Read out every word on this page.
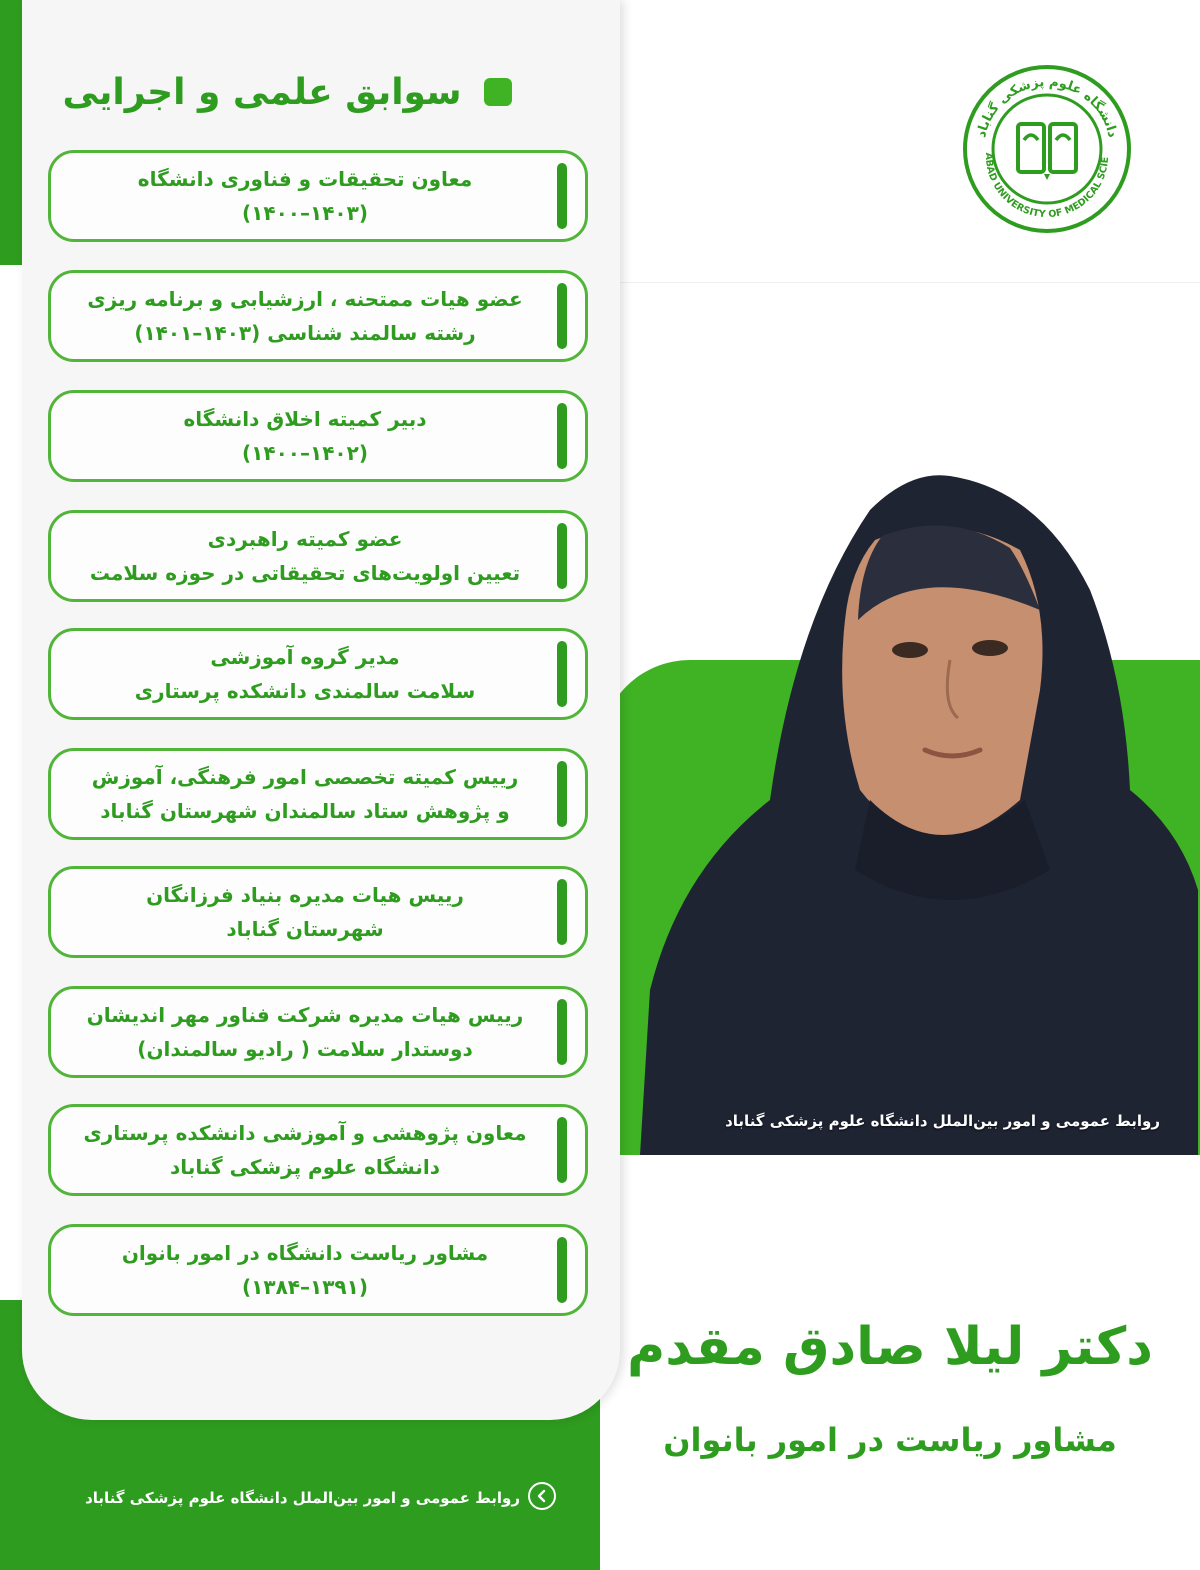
سوابق علمی و اجرایی
معاون تحقیقات و فناوری دانشگاه
(۱۴۰۳–۱۴۰۰)
عضو هیات ممتحنه ، ارزشیابی و برنامه ریزی
رشته سالمند شناسی (۱۴۰۳–۱۴۰۱)
دبیر کمیته اخلاق دانشگاه
(۱۴۰۲–۱۴۰۰)
عضو کمیته راهبردی
تعیین اولویت‌های تحقیقاتی در حوزه سلامت
مدیر گروه آموزشی
سلامت سالمندی دانشکده پرستاری
رییس کمیته تخصصی امور فرهنگی، آموزش
و پژوهش ستاد سالمندان شهرستان گناباد
رییس هیات مدیره بنیاد فرزانگان
شهرستان گناباد
رییس هیات مدیره شرکت فناور مهر اندیشان
دوستدار سلامت ( رادیو سالمندان)
معاون پژوهشی و آموزشی دانشکده پرستاری
دانشگاه علوم پزشکی گناباد
مشاور ریاست دانشگاه در امور بانوان
(۱۳۹۱–۱۳۸۴)
روابط عمومی و امور بین‌الملل دانشگاه علوم پزشکی گناباد
دانشگاه علوم پزشکی گناباد
ABAD UNIVERSITY OF MEDICAL SCIE
روابط عمومی و امور بین‌الملل دانشگاه علوم پزشکی گناباد
دکتر لیلا صادق مقدم
مشاور ریاست در امور بانوان
